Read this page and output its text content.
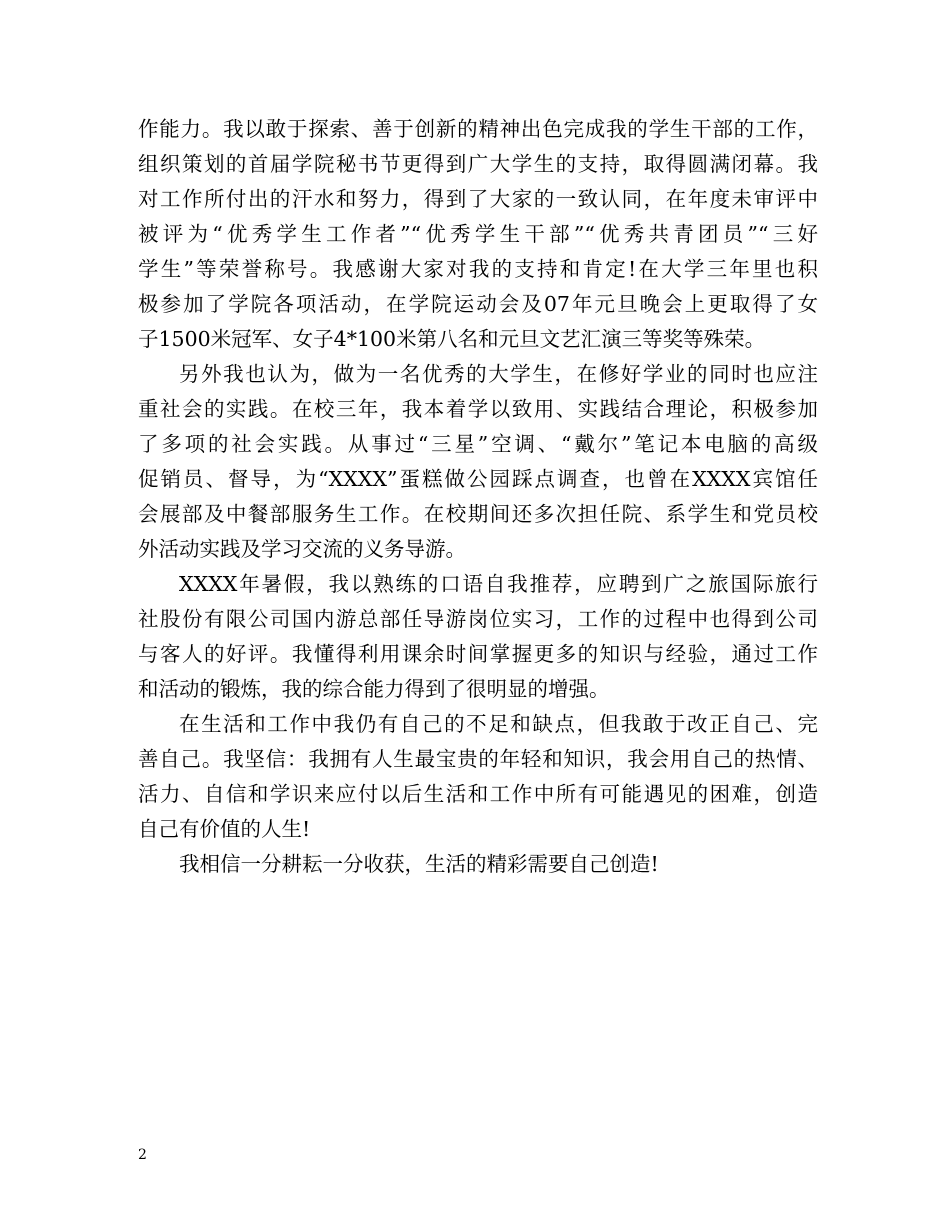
作能力。我以敢于探索、善于创新的精神出色完成我的学生干部的工作，
组织策划的首届学院秘书节更得到广大学生的支持，取得圆满闭幕。我
对工作所付出的汗水和努力，得到了大家的一致认同，在年度未审评中
被评为“优秀学生工作者”“优秀学生干部”“优秀共青团员”“三好
学生”等荣誉称号。我感谢大家对我的支持和肯定!在大学三年里也积
极参加了学院各项活动，在学院运动会及07年元旦晚会上更取得了女
子1500米冠军、女子4*100米第八名和元旦文艺汇演三等奖等殊荣。
另外我也认为，做为一名优秀的大学生，在修好学业的同时也应注
重社会的实践。在校三年，我本着学以致用、实践结合理论，积极参加
了多项的社会实践。从事过“三星”空调、“戴尔”笔记本电脑的高级
促销员、督导，为“XXXX”蛋糕做公园踩点调查，也曾在XXXX宾馆任
会展部及中餐部服务生工作。在校期间还多次担任院、系学生和党员校
外活动实践及学习交流的义务导游。
XXXX年暑假，我以熟练的口语自我推荐，应聘到广之旅国际旅行
社股份有限公司国内游总部任导游岗位实习，工作的过程中也得到公司
与客人的好评。我懂得利用课余时间掌握更多的知识与经验，通过工作
和活动的锻炼，我的综合能力得到了很明显的增强。
在生活和工作中我仍有自己的不足和缺点，但我敢于改正自己、完
善自己。我坚信：我拥有人生最宝贵的年轻和知识，我会用自己的热情、
活力、自信和学识来应付以后生活和工作中所有可能遇见的困难，创造
自己有价值的人生!
我相信一分耕耘一分收获，生活的精彩需要自己创造!
2
